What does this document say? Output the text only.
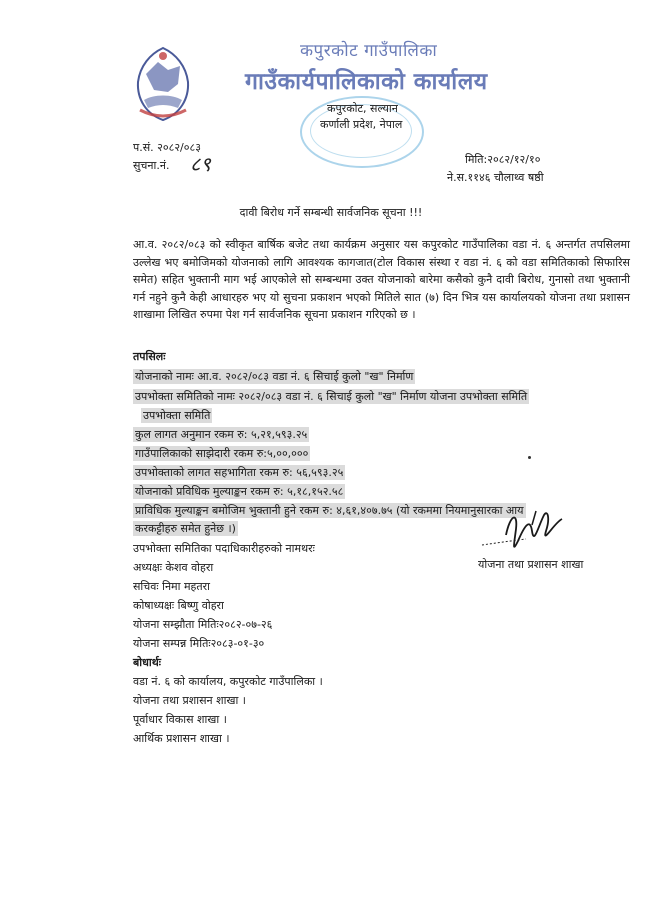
कपुरकोट गाउँपालिका
गाउँकार्यपालिकाको कार्यालय
कपुरकोट, सल्यान
कर्णाली प्रदेश, नेपाल
प.सं. २०८२/०८३
सुचना.नं. ८९	मिति:२०८२/१२/१०
ने.स.११४६ चौलाथ्व षष्ठी
दावी बिरोध गर्ने सम्बन्धी सार्वजनिक सूचना !!!
आ.व. २०८२/०८३ को स्वीकृत बार्षिक बजेट तथा कार्यक्रम अनुसार यस कपुरकोट गाउँपालिका वडा नं. ६ अन्तर्गत तपसिलमा उल्लेख भए बमोजिमको योजनाको लागि आवश्यक कागजात(टोल विकास संस्था र वडा नं. ६ को वडा समितिकाको सिफारिस समेत) सहित भुक्तानी माग भई आएकोले सो सम्बन्धमा उक्त योजनाको बारेमा कसैको कुनै दावी बिरोध, गुनासो तथा भुक्तानी गर्न नहुने कुनै केही आधारहरु भए यो सुचना प्रकाशन भएको मितिले सात (७) दिन भित्र यस कार्यालयको योजना तथा प्रशासन शाखामा लिखित रुपमा पेश गर्न सार्वजनिक सूचना प्रकाशन गरिएको छ ।
तपसिलः
योजनाको नामः आ.व. २०८२/०८३ वडा नं. ६ सिचाई कुलो "ख" निर्माण
उपभोक्ता समितिको नामः २०८२/०८३ वडा नं. ६ सिचाई कुलो "ख" निर्माण योजना उपभोक्ता समिति
उपभोक्ता समिति
कुल लागत अनुमान रकम रु: ५,२१,५९३.२५
गाउँपालिकाको साझेदारी रकम रु:५,००,०००
उपभोक्ताको लागत सहभागिता रकम रु: ५६,५९३.२५
योजनाको प्रविधिक मुल्याङ्कन रकम रु: ५,१८,१५२.५८
प्राविधिक मुल्याङ्कन बमोजिम भुक्तानी हुने रकम रु: ४,६१,४०७.७५ (यो रकममा नियमानुसारका आय
करकट्टीहरु समेत हुनेछ ।)
उपभोक्ता समितिका पदाधिकारीहरुको नामथरः
अध्यक्षः केशव वोहरा
सचिवः निमा महतरा
कोषाध्यक्षः बिष्णु वोहरा
योजना सम्झौता मितिः२०८२-०७-२६
योजना सम्पन्न मितिः२०८३-०१-३०
योजना तथा प्रशासन शाखा
बोधार्थः
वडा नं. ६ को कार्यालय, कपुरकोट गाउँपालिका ।
योजना तथा प्रशासन शाखा ।
पूर्वाधार विकास शाखा ।
आर्थिक प्रशासन शाखा ।
